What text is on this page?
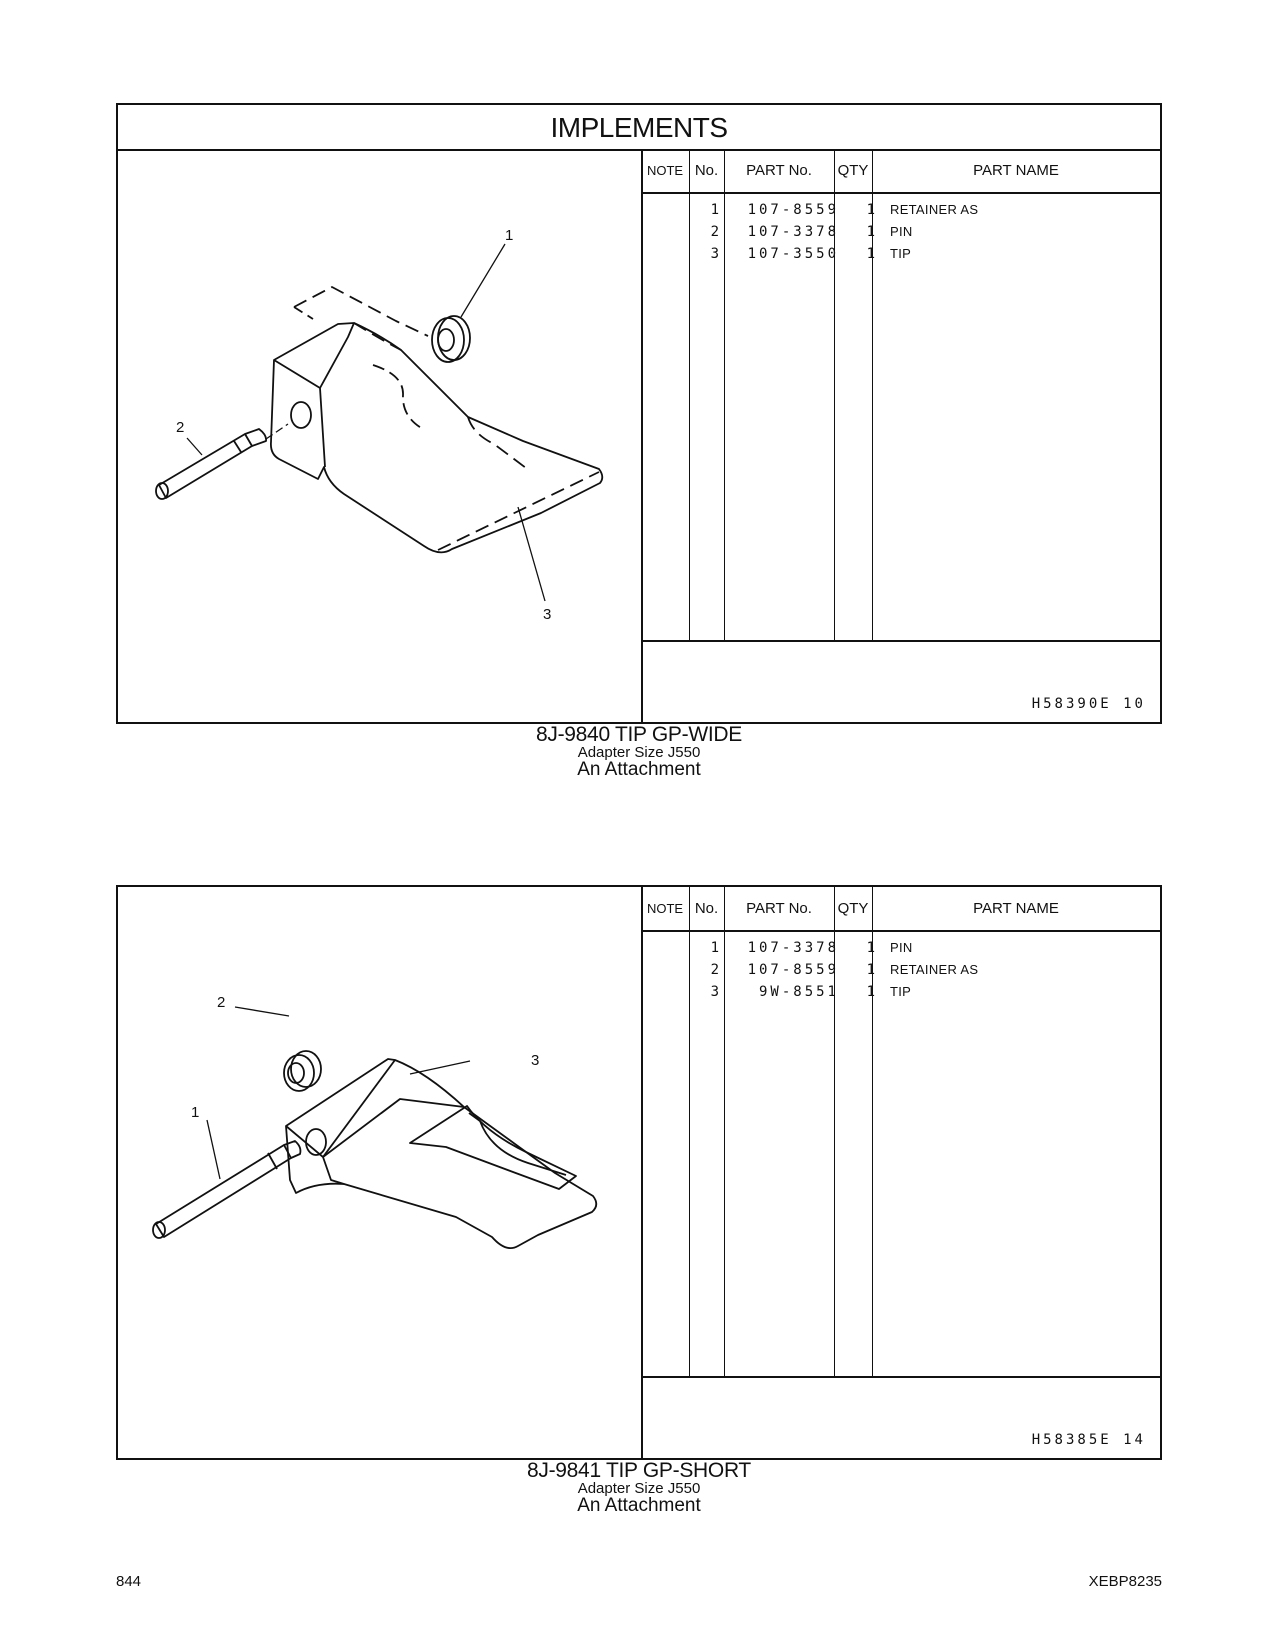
IMPLEMENTS
1
2
3
NOTE No.	PART No.	QTY	PART NAME
1	107-8559	1 RETAINER AS
2	107-3378	1 PIN
3	107-3550	1 TIP
H58390E 10
8J-9840 TIP GP-WIDE
Adapter Size J550
An Attachment
2
3
1
NOTE No.	PART No.	QTY	PART NAME
1	107-3378	1 PIN
2	107-8559	1 RETAINER AS
3	9W-8551	1 TIP
H58385E 14
8J-9841 TIP GP-SHORT
Adapter Size J550
An Attachment
844	XEBP8235
